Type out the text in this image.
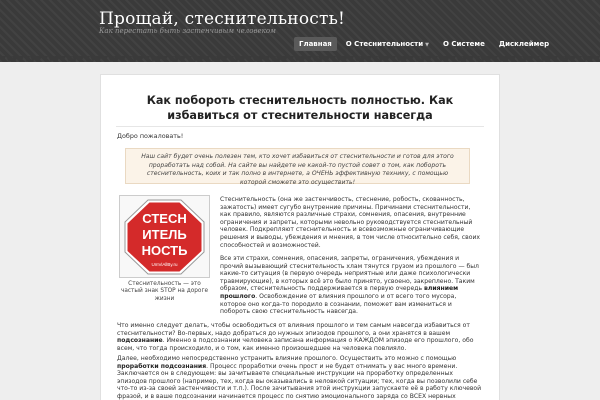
Прощай, стеснительность!
Как перестать быть застенчивым человеком
Главная	О Стеснительности ▼	О Системе	Дисклеймер
Как побороть стеснительность полностью. Как избавиться от стеснительности навсегда
Добро пожаловать!
Наш сайт будет очень полезен тем, кто хочет избавиться от стеснительности и готов для этого проработать над собой. На сайте вы найдете не какой-то пустой совет о том, как побороть стеснительность, коих и так полно в интернете, а ОЧЕНЬ эффективную технику, с помощью которой сможете это осуществить!
СТЕСН
ИТЕЛЬ
НОСТЬ
UmViAllBy.ru
Стеснительность — это частый знак STOP на дороге жизни

Стеснительность (она же застенчивость, стеснение, робость, скованность, зажатость) имеет сугубо внутренние причины. Причинами стеснительности, как правило, являются различные страхи, сомнения, опасения, внутренние ограничения и запреты, которыми невольно руководствуется стеснительный человек. Подкрепляют стеснительность и всевозможные ограничивающие решения и выводы, убеждения и мнения, в том числе относительно себя, своих способностей и возможностей.

Все эти страхи, сомнения, опасения, запреты, ограничения, убеждения и прочий вызывающий стеснительность хлам тянутся грузом из прошлого — был какие-то ситуация (в первую очередь неприятные или даже психологически травмирующие), в которых всё это было принято, усвоено, закреплено. Таким образом, стеснительность поддерживается в первую очередь влиянием прошлого. Освобождение от влияния прошлого и от всего того мусора, которое оно когда-то породило в сознании, поможет вам измениться и побороть свою стеснительность навсегда.

Что именно следует делать, чтобы освободиться от влияния прошлого и тем самым навсегда избавиться от стеснительности? Во-первых, надо добраться до нужных эпизодов прошлого, а они хранятся в вашем подсознание. Именно в подсознании человека записана информация о КАЖДОМ эпизоде его прошлого, обо всем, что тогда происходило, и о том, как именно произошедшее на человека повлияло.

Далее, необходимо непосредственно устранить влияние прошлого. Осуществить это можно с помощью проработки подсознания. Процесс проработки очень прост и не будет отнимать у вас много времени. Заключается он в следующем: вы зачитываете специальные инструкции на проработку определенных эпизодов прошлого (например, тех, когда вы оказывались в неловкой ситуации; тех, когда вы позволили себе что-то из-за своей застенчивости и т.п.). После зачитывания этой инструкции запускаете её в работу ключевой фразой, и в ваше подсознании начинается процесс по снятию эмоционального заряда со ВСЕХ нервных
